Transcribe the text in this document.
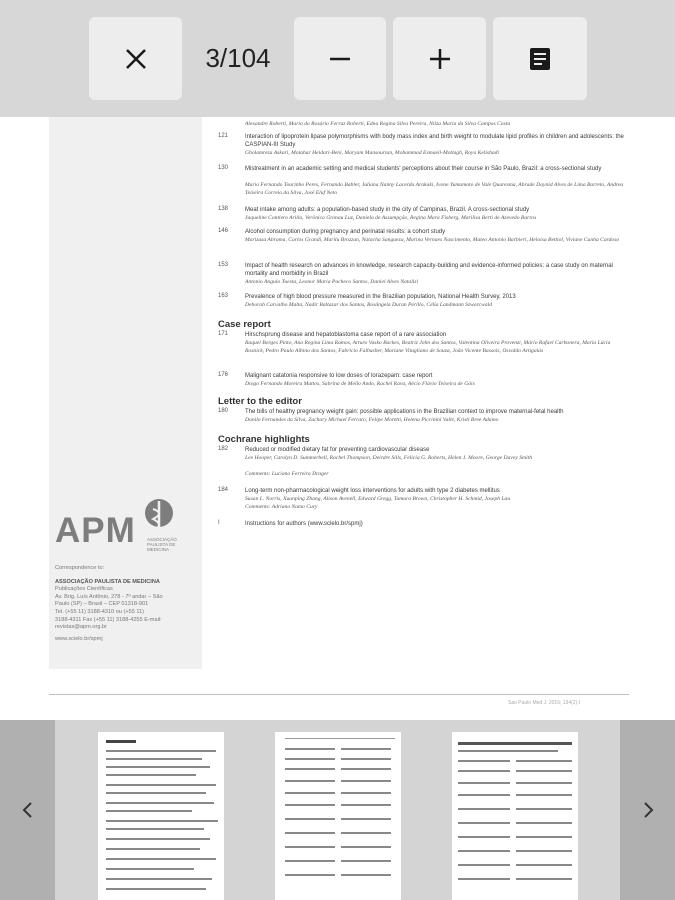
3/104
APM ASSOCIAÇÃO PAULISTA DE MEDICINA
Correspondence to:
ASSOCIAÇÃO PAULISTA DE MEDICINA
Publicações Científicas
Av. Brig. Luís Antônio, 278 - 7º andar – São
Paulo (SP) – Brasil – CEP 01318-901
Tel. (+55 11) 3188-4310 ou (+55 11)
3188-4311 Fax (+55 11) 3188-4255 E-mail:
revistas@apm.org.br
www.scielo.br/spmj
Alexandre Roberti, Maria do Rosário Ferraz Roberti, Edna Regina Silva Pereira, Nilza Maria da Silva Campos Costa
121	Interaction of lipoprotein lipase polymorphisms with body mass index and birth weight to modulate lipid profiles in children and adolescents: the CASPIAN-III Study
Gholamreza Askari, Motahar Heidari-Beni, Maryam Mansourian, Mohammad Esmaeil-Motlagh, Roya Kelishadi
130	Mistreatment in an academic setting and medical students' perceptions about their course in São Paulo, Brazil: a cross-sectional study
Mario Fernando Tourinho Peres, Fernando Babler, Juliana Nanny Lacerda Arakaki, Ivone Yumamoto de Vale Quaresma, Abrade Daynid Alves de Lima Barreto, Andrea Teixeira Correia da Silva, José Eluf Neto
138	Meat intake among adults: a population-based study in the city of Campinas, Brazil. A cross-sectional study
Jaqueline Contiero Arilla, Verônica Gronau Luz, Daniela de Assumpção, Regina Mara Fisberg, Marilisa Berti de Azevedo Barros
146	Alcohol consumption during pregnancy and perinatal results: a cohort study
Marizasa Abrama, Carlos Grandi, Marilu Brozzan, Natacha Sangueza, Marina Vernaes Nascimento, Mateo Antonio Barbieri, Heloisa Bettiol, Viviane Cunha Cardoso
153	Impact of health research on advances in knowledge, research capacity-building and evidence-informed policies: a case study on maternal mortality and morbidity in Brazil
Antonio Angulo Tuesta, Leonor Maria Pacheco Santos, Daniel Alves Natalizi
163	Prevalence of high blood pressure measured in the Brazilian population, National Health Survey, 2013
Deborah Carvalho Malta, Nadir Baltazar dos Santos, Rosângela Duran Perillo, Célia Landmann Szwarcwald
Case report
171	Hirschsprung disease and hepatoblastoma case report of a rare association
Raquel Borges Pinto, Ana Regina Lima Ramos, Arturo Vasko Backes, Beatriz John dos Santos, Valentina Oliveira Provenzi, Mário Rafael Carbonera, Maria Lúcia Rosnick, Pedro Paulo Albino dos Santos, Fabrício Falbusher, Mariane Vitagliano de Souza, João Vicente Bassols, Osvaldo Artigalás
176	Malignant catatonia responsive to low doses of lorazepam: case report
Diogo Fernando Moreira Mattos, Sabrina de Mello Ando, Rachel Rava, Aécio Flávio Teixeira de Góis
Letter to the editor
180	The bills of healthy pregnancy weight gain: possible applications in the Brazilian context to improve maternal-fetal health
Danilo Fernandes da Silva, Zachary Michael Ferraro, Felipe Moretti, Helena Piccinini Valle, Kristi Bree Adamo
Cochrane highlights
182	Reduced or modified dietary fat for preventing cardiovascular disease
Lee Hooper, Carolyn D. Summerbell, Rachel Thompson, Deirdre Sills, Felicia G. Roberts, Helen J. Moore, George Davey Smith
Comments: Luciano Ferreira Drager
184	Long-term non-pharmacological weight loss interventions for adults with type 2 diabetes mellitus
Susan L. Norris, Xuanping Zhang, Alison Avenell, Edward Gregg, Tamara Brown, Christopher H. Schmid, Joseph Lau
Comments: Adriano Namo Cury
I	Instructions for authors (www.scielo.br/spmj)
Sao Paulo Med J. 2016; 134(2):I
